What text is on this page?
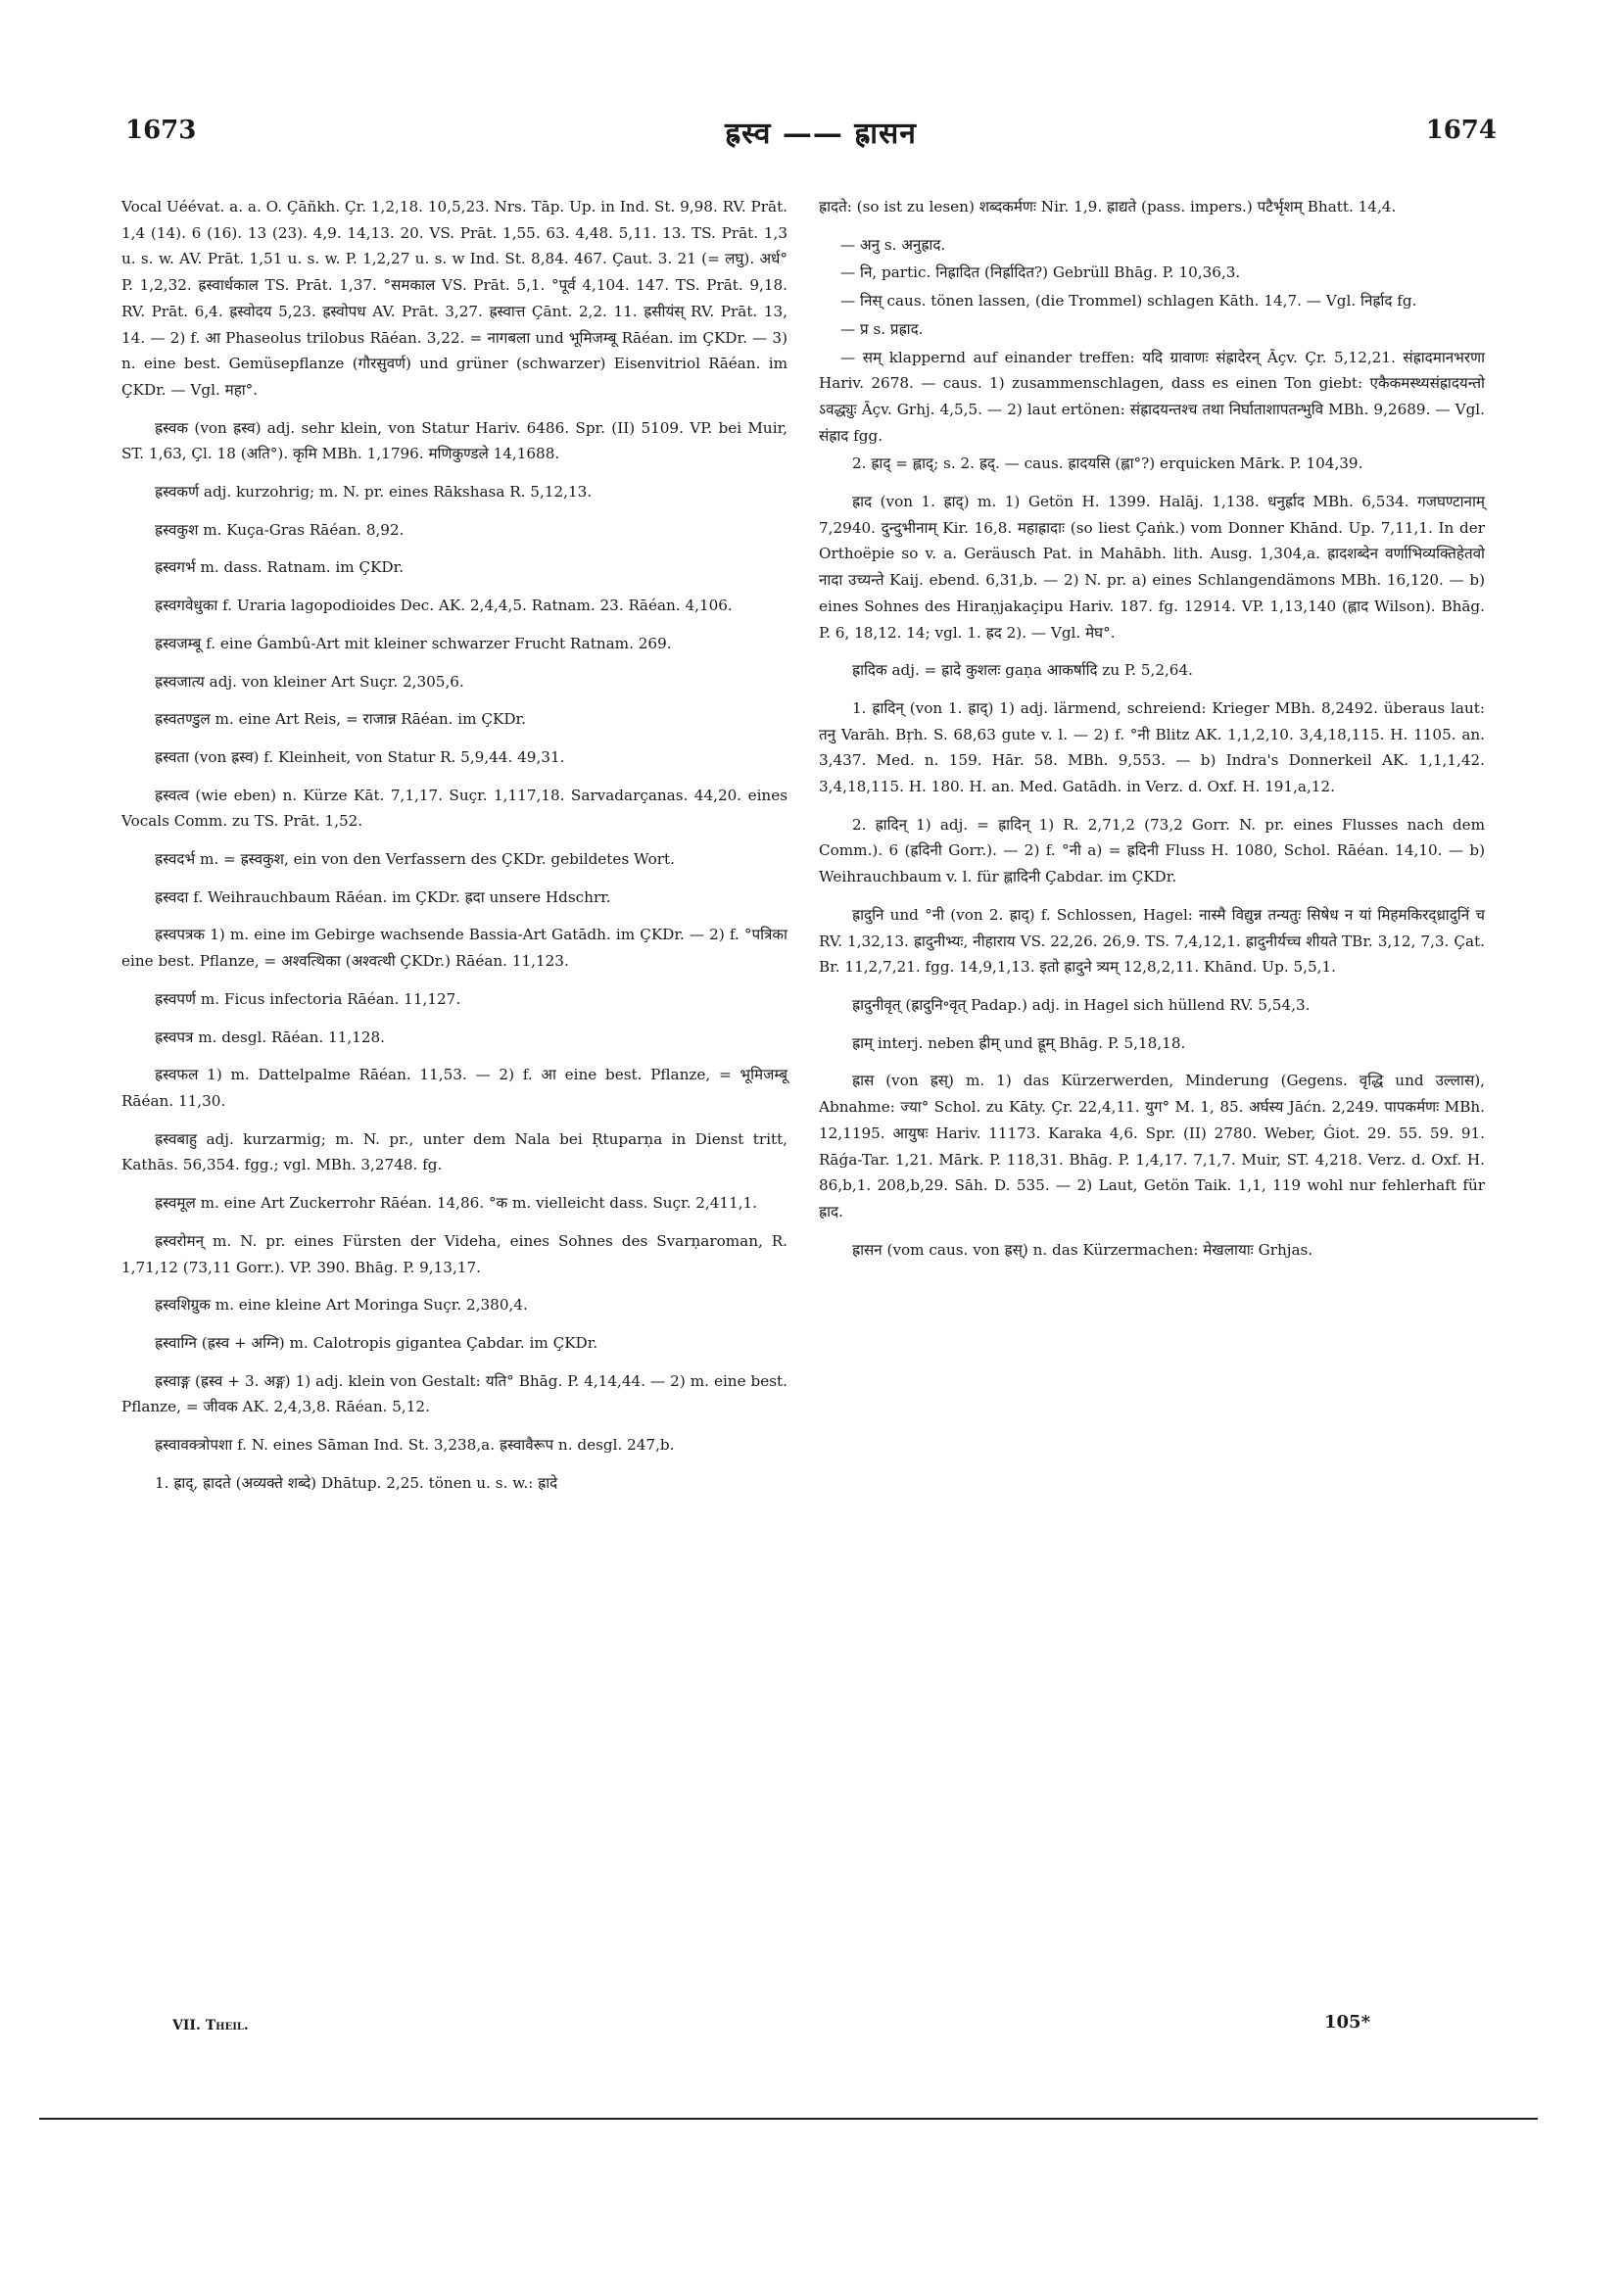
1673	ह्रस्व —— ह्रासन	1674

Vocal Uéévat. a. a. O. Çāñkh. Çr. 1,2,18. 10,5,23. Nrs. Tāp. Up. in Ind. St. 9,98. RV. Prāt. 1,4 (14). 6 (16). 13 (23). 4,9. 14,13. 20. VS. Prāt. 1,55. 63. 4,48. 5,11. 13. TS. Prāt. 1,3 u. s. w. AV. Prāt. 1,51 u. s. w. P. 1,2,27 u. s. w Ind. St. 8,84. 467. Çaut. 3. 21 (= लघु). अर्ध° P. 1,2,32. ह्रस्वार्धकाल TS. Prāt. 1,37. °समकाल VS. Prāt. 5,1. °पूर्व 4,104. 147. TS. Prāt. 9,18. RV. Prāt. 6,4. ह्रस्वोदय 5,23. ह्रस्वोपध AV. Prāt. 3,27. ह्रस्वात्त Çānt. 2,2. 11. ह्रसीयंस् RV. Prāt. 13, 14. — 2) f. आ Phaseolus trilobus Rāéan. 3,22. = नागबला und भूमिजम्बू Rāéan. im ÇKDr. — 3) n. eine best. Gemüsepflanze (गौरसुवर्ण) und grüner (schwarzer) Eisenvitriol Rāéan. im ÇKDr. — Vgl. महा°.

ह्रस्वक (von ह्रस्व) adj. sehr klein, von Statur Hariv. 6486. Spr. (II) 5109. VP. bei Muir, ST. 1,63, Çl. 18 (अति°). कृमि MBh. 1,1796. मणिकुण्डले 14,1688.

ह्रस्वकर्ण adj. kurzohrig; m. N. pr. eines Rākshasa R. 5,12,13.

ह्रस्वकुश m. Kuça-Gras Rāéan. 8,92.

ह्रस्वगर्भ m. dass. Ratnam. im ÇKDr.

ह्रस्वगवेधुका f. Uraria lagopodioides Dec. AK. 2,4,4,5. Ratnam. 23. Rāéan. 4,106.

ह्रस्वजम्बू f. eine Ǵambû-Art mit kleiner schwarzer Frucht Ratnam. 269.

ह्रस्वजात्य adj. von kleiner Art Suçr. 2,305,6.

ह्रस्वतण्डुल m. eine Art Reis, = राजान्न Rāéan. im ÇKDr.

ह्रस्वता (von ह्रस्व) f. Kleinheit, von Statur R. 5,9,44. 49,31.

ह्रस्वत्व (wie eben) n. Kürze Kāt. 7,1,17. Suçr. 1,117,18. Sarvadarçanas. 44,20. eines Vocals Comm. zu TS. Prāt. 1,52.

ह्रस्वदर्भ m. = ह्रस्वकुश, ein von den Verfassern des ÇKDr. gebildetes Wort.

ह्रस्वदा f. Weihrauchbaum Rāéan. im ÇKDr. ह्रदा unsere Hdschrr.

ह्रस्वपत्रक 1) m. eine im Gebirge wachsende Bassia-Art Gatādh. im ÇKDr. — 2) f. °पत्रिका eine best. Pflanze, = अश्वत्थिका (अश्वत्थी ÇKDr.) Rāéan. 11,123.

ह्रस्वपर्ण m. Ficus infectoria Rāéan. 11,127.

ह्रस्वपत्र m. desgl. Rāéan. 11,128.

ह्रस्वफल 1) m. Dattelpalme Rāéan. 11,53. — 2) f. आ eine best. Pflanze, = भूमिजम्बू Rāéan. 11,30.

ह्रस्वबाहु adj. kurzarmig; m. N. pr., unter dem Nala bei Ṛtuparṇa in Dienst tritt, Kathās. 56,354. fgg.; vgl. MBh. 3,2748. fg.

ह्रस्वमूल m. eine Art Zuckerrohr Rāéan. 14,86. °क m. vielleicht dass. Suçr. 2,411,1.

ह्रस्वरोमन् m. N. pr. eines Fürsten der Videha, eines Sohnes des Svarṇaroman, R. 1,71,12 (73,11 Gorr.). VP. 390. Bhāg. P. 9,13,17.

ह्रस्वशिग्रुक m. eine kleine Art Moringa Suçr. 2,380,4.

ह्रस्वाग्नि (ह्रस्व + अग्नि) m. Calotropis gigantea Çabdar. im ÇKDr.

ह्रस्वाङ्ग (ह्रस्व + 3. अङ्ग) 1) adj. klein von Gestalt: यति° Bhāg. P. 4,14,44. — 2) m. eine best. Pflanze, = जीवक AK. 2,4,3,8. Rāéan. 5,12.

ह्रस्वावक्त्रोपशा f. N. eines Sāman Ind. St. 3,238,a. ह्रस्वावैरूप n. desgl. 247,b.

1. ह्राद्, ह्रादते (अव्यक्ते शब्दे) Dhātup. 2,25. tönen u. s. w.: ह्रादे

ह्रादते: (so ist zu lesen) शब्दकर्मणः Nir. 1,9. ह्राद्यते (pass. impers.) पटैर्भृशम् Bhatt. 14,4.

— अनु s. अनुह्राद.

— नि, partic. निह्रादित (निर्ह्रादित?) Gebrüll Bhāg. P. 10,36,3.

— निस् caus. tönen lassen, (die Trommel) schlagen Kāth. 14,7. — Vgl. निर्ह्राद fg.

— प्र s. प्रह्राद.

— सम् klappernd auf einander treffen: यदि ग्रावाणः संह्रादेरन् Āçv. Çr. 5,12,21. संह्रादमानभरणा Hariv. 2678. — caus. 1) zusammenschlagen, dass es einen Ton giebt: एकैकमस्थ्यसंह्रादयन्तो ऽवद्ध्युः Āçv. Grhj. 4,5,5. — 2) laut ertönen: संह्रादयन्तश्च तथा निर्घाताशापतन्भुवि MBh. 9,2689. — Vgl. संह्राद fgg.

2. ह्राद् = ह्लाद्; s. 2. ह्रद्. — caus. ह्रादयसि (ह्ला°?) erquicken Mārk. P. 104,39.

ह्राद (von 1. ह्राद्) m. 1) Getön H. 1399. Halāj. 1,138. धनुर्ह्राद MBh. 6,534. गजघण्टानाम् 7,2940. दुन्दुभीनाम् Kir. 16,8. महाह्रादाः (so liest Çaṅk.) vom Donner Khānd. Up. 7,11,1. In der Orthoëpie so v. a. Geräusch Pat. in Mahābh. lith. Ausg. 1,304,a. ह्रादशब्देन वर्णाभिव्यक्तिहेतवो नादा उच्यन्ते Kaij. ebend. 6,31,b. — 2) N. pr. a) eines Schlangendämons MBh. 16,120. — b) eines Sohnes des Hiraṇjakaçipu Hariv. 187. fg. 12914. VP. 1,13,140 (ह्लाद Wilson). Bhāg. P. 6, 18,12. 14; vgl. 1. ह्रद 2). — Vgl. मेघ°.

ह्रादिक adj. = ह्रादे कुशलः gaṇa आकर्षादि zu P. 5,2,64.

1. ह्रादिन् (von 1. ह्राद्) 1) adj. lärmend, schreiend: Krieger MBh. 8,2492. überaus laut: तनु Varāh. Bṛh. S. 68,63 gute v. l. — 2) f. °नी Blitz AK. 1,1,2,10. 3,4,18,115. H. 1105. an. 3,437. Med. n. 159. Hār. 58. MBh. 9,553. — b) Indra's Donnerkeil AK. 1,1,1,42. 3,4,18,115. H. 180. H. an. Med. Gatādh. in Verz. d. Oxf. H. 191,a,12.

2. ह्रादिन् 1) adj. = ह्रादिन् 1) R. 2,71,2 (73,2 Gorr. N. pr. eines Flusses nach dem Comm.). 6 (ह्रदिनी Gorr.). — 2) f. °नी a) = ह्रदिनी Fluss H. 1080, Schol. Rāéan. 14,10. — b) Weihrauchbaum v. l. für ह्लादिनी Çabdar. im ÇKDr.

ह्रादुनि und °नी (von 2. ह्राद्) f. Schlossen, Hagel: नास्मै विद्युन्न तन्यतुः सिषेध न यां मिहमकिरद्ध्रादुनिं च RV. 1,32,13. ह्रादुनीभ्यः, नीहाराय VS. 22,26. 26,9. TS. 7,4,12,1. ह्रादुनीर्यच्च शीयते TBr. 3,12, 7,3. Çat. Br. 11,2,7,21. fgg. 14,9,1,13. इतो ह्रादुने त्र्यम् 12,8,2,11. Khānd. Up. 5,5,1.

ह्रादुनीवृत् (ह्रादुनि॰वृत् Padap.) adj. in Hagel sich hüllend RV. 5,54,3.

ह्राम् interj. neben ह्रीम् und ह्रूम् Bhāg. P. 5,18,18.

ह्रास (von ह्रस्) m. 1) das Kürzerwerden, Minderung (Gegens. वृद्धि und उल्लास), Abnahme: ज्या° Schol. zu Kāty. Çr. 22,4,11. युग° M. 1, 85. अर्घस्य Jāćn. 2,249. पापकर्मणः MBh. 12,1195. आयुषः Hariv. 11173. Karaka 4,6. Spr. (II) 2780. Weber, Ǵiot. 29. 55. 59. 91. Rāǵa-Tar. 1,21. Mārk. P. 118,31. Bhāg. P. 1,4,17. 7,1,7. Muir, ST. 4,218. Verz. d. Oxf. H. 86,b,1. 208,b,29. Sāh. D. 535. — 2) Laut, Getön Taik. 1,1, 119 wohl nur fehlerhaft für ह्राद.

ह्रासन (vom caus. von ह्रस्) n. das Kürzermachen: मेखलायाः Grhjas.

VII. Theil.	105*
